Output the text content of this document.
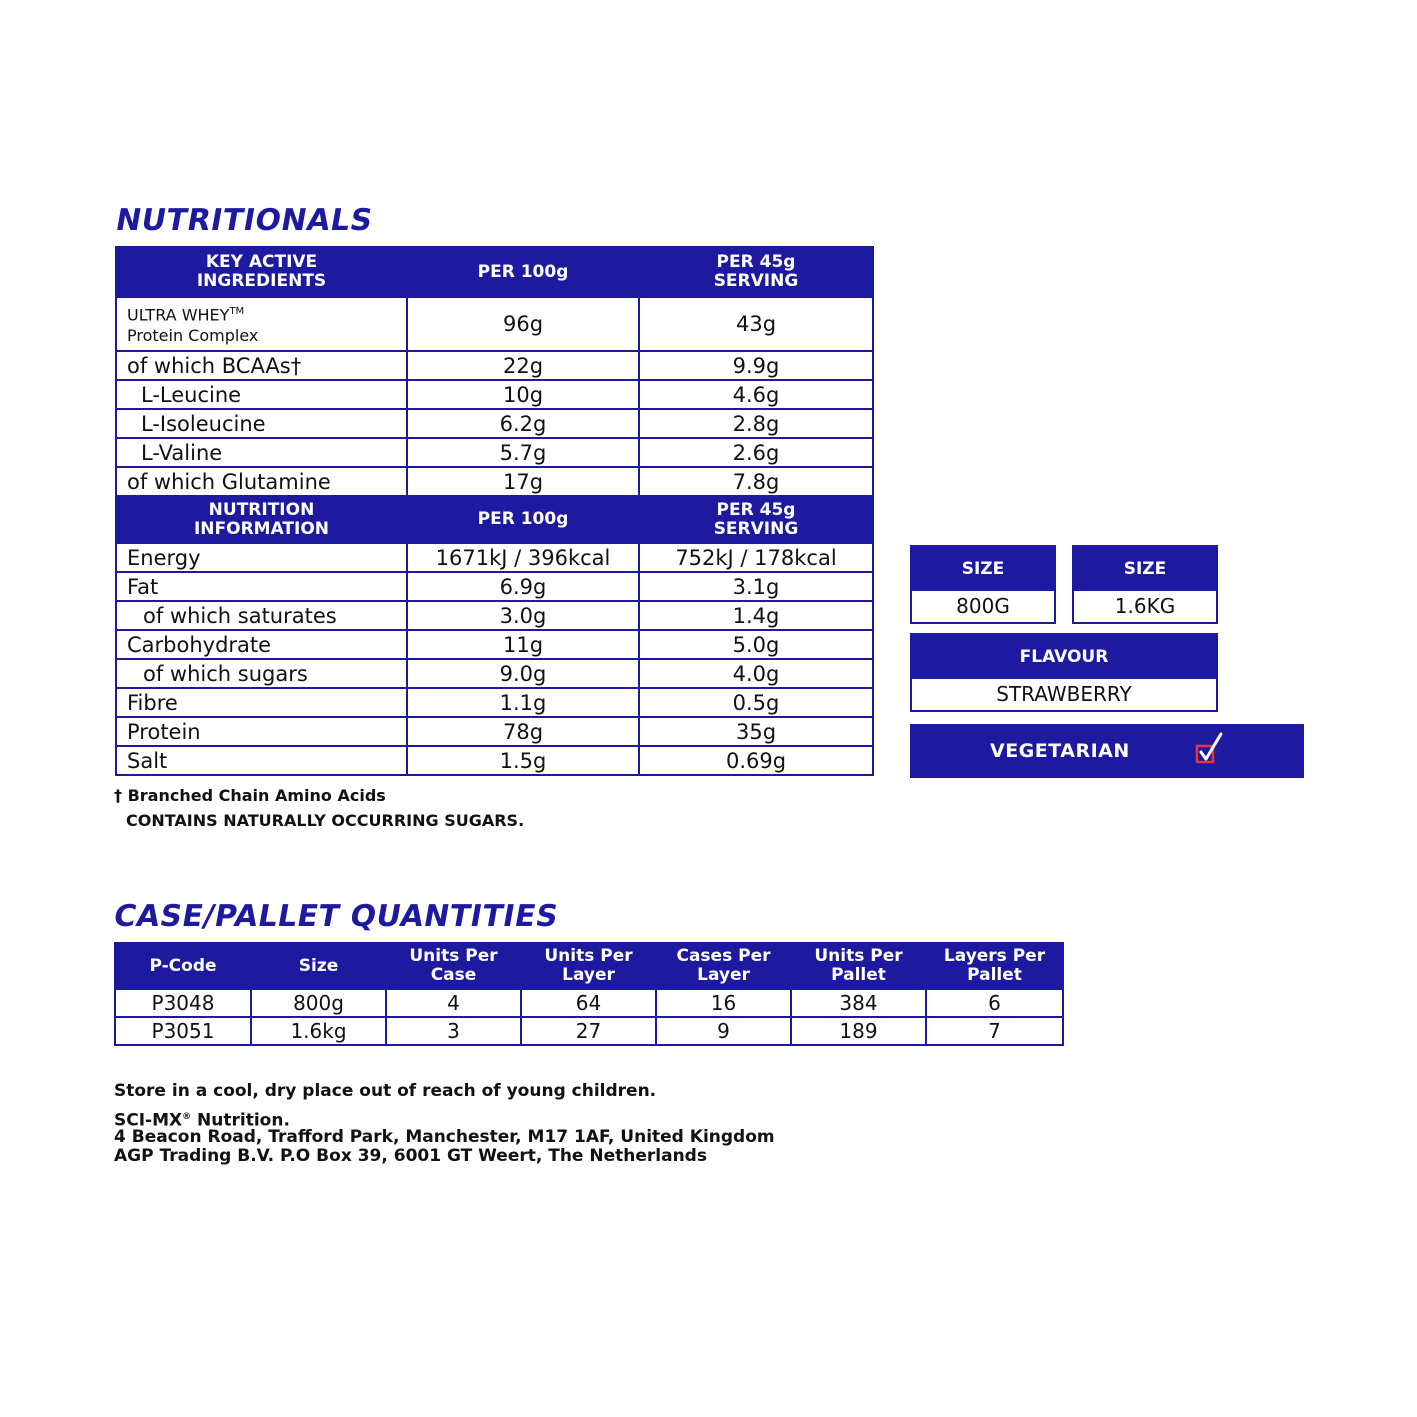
NUTRITIONALS
KEY ACTIVE INGREDIENTS	PER 100g	PER 45g SERVING

ULTRA WHEY™
Protein Complex	96g	43g
of which BCAAs†	22g	9.9g
L-Leucine	10g	4.6g
L-Isoleucine	6.2g	2.8g
L-Valine	5.7g	2.6g
of which Glutamine	17g	7.8g

NUTRITION INFORMATION	PER 100g	PER 45g SERVING

Energy	1671kJ / 396kcal	752kJ / 178kcal
Fat	6.9g	3.1g
of which saturates	3.0g	1.4g
Carbohydrate	11g	5.0g
of which sugars	9.0g	4.0g
Fibre	1.1g	0.5g
Protein	78g	35g
Salt	1.5g	0.69g
† Branched Chain Amino Acids
CONTAINS NATURALLY OCCURRING SUGARS.
SIZE
800G
SIZE
1.6KG
FLAVOUR
STRAWBERRY
VEGETARIAN
CASE/PALLET QUANTITIES
P-Code	Size	Units Per Case	Units Per Layer	Cases Per Layer	Units Per Pallet	Layers Per Pallet

P3048	800g	4	64	16	384	6
P3051	1.6kg	3	27	9	189	7
Store in a cool, dry place out of reach of young children.
SCI-MX® Nutrition.
4 Beacon Road, Trafford Park, Manchester, M17 1AF, United Kingdom
AGP Trading B.V. P.O Box 39, 6001 GT Weert, The Netherlands
